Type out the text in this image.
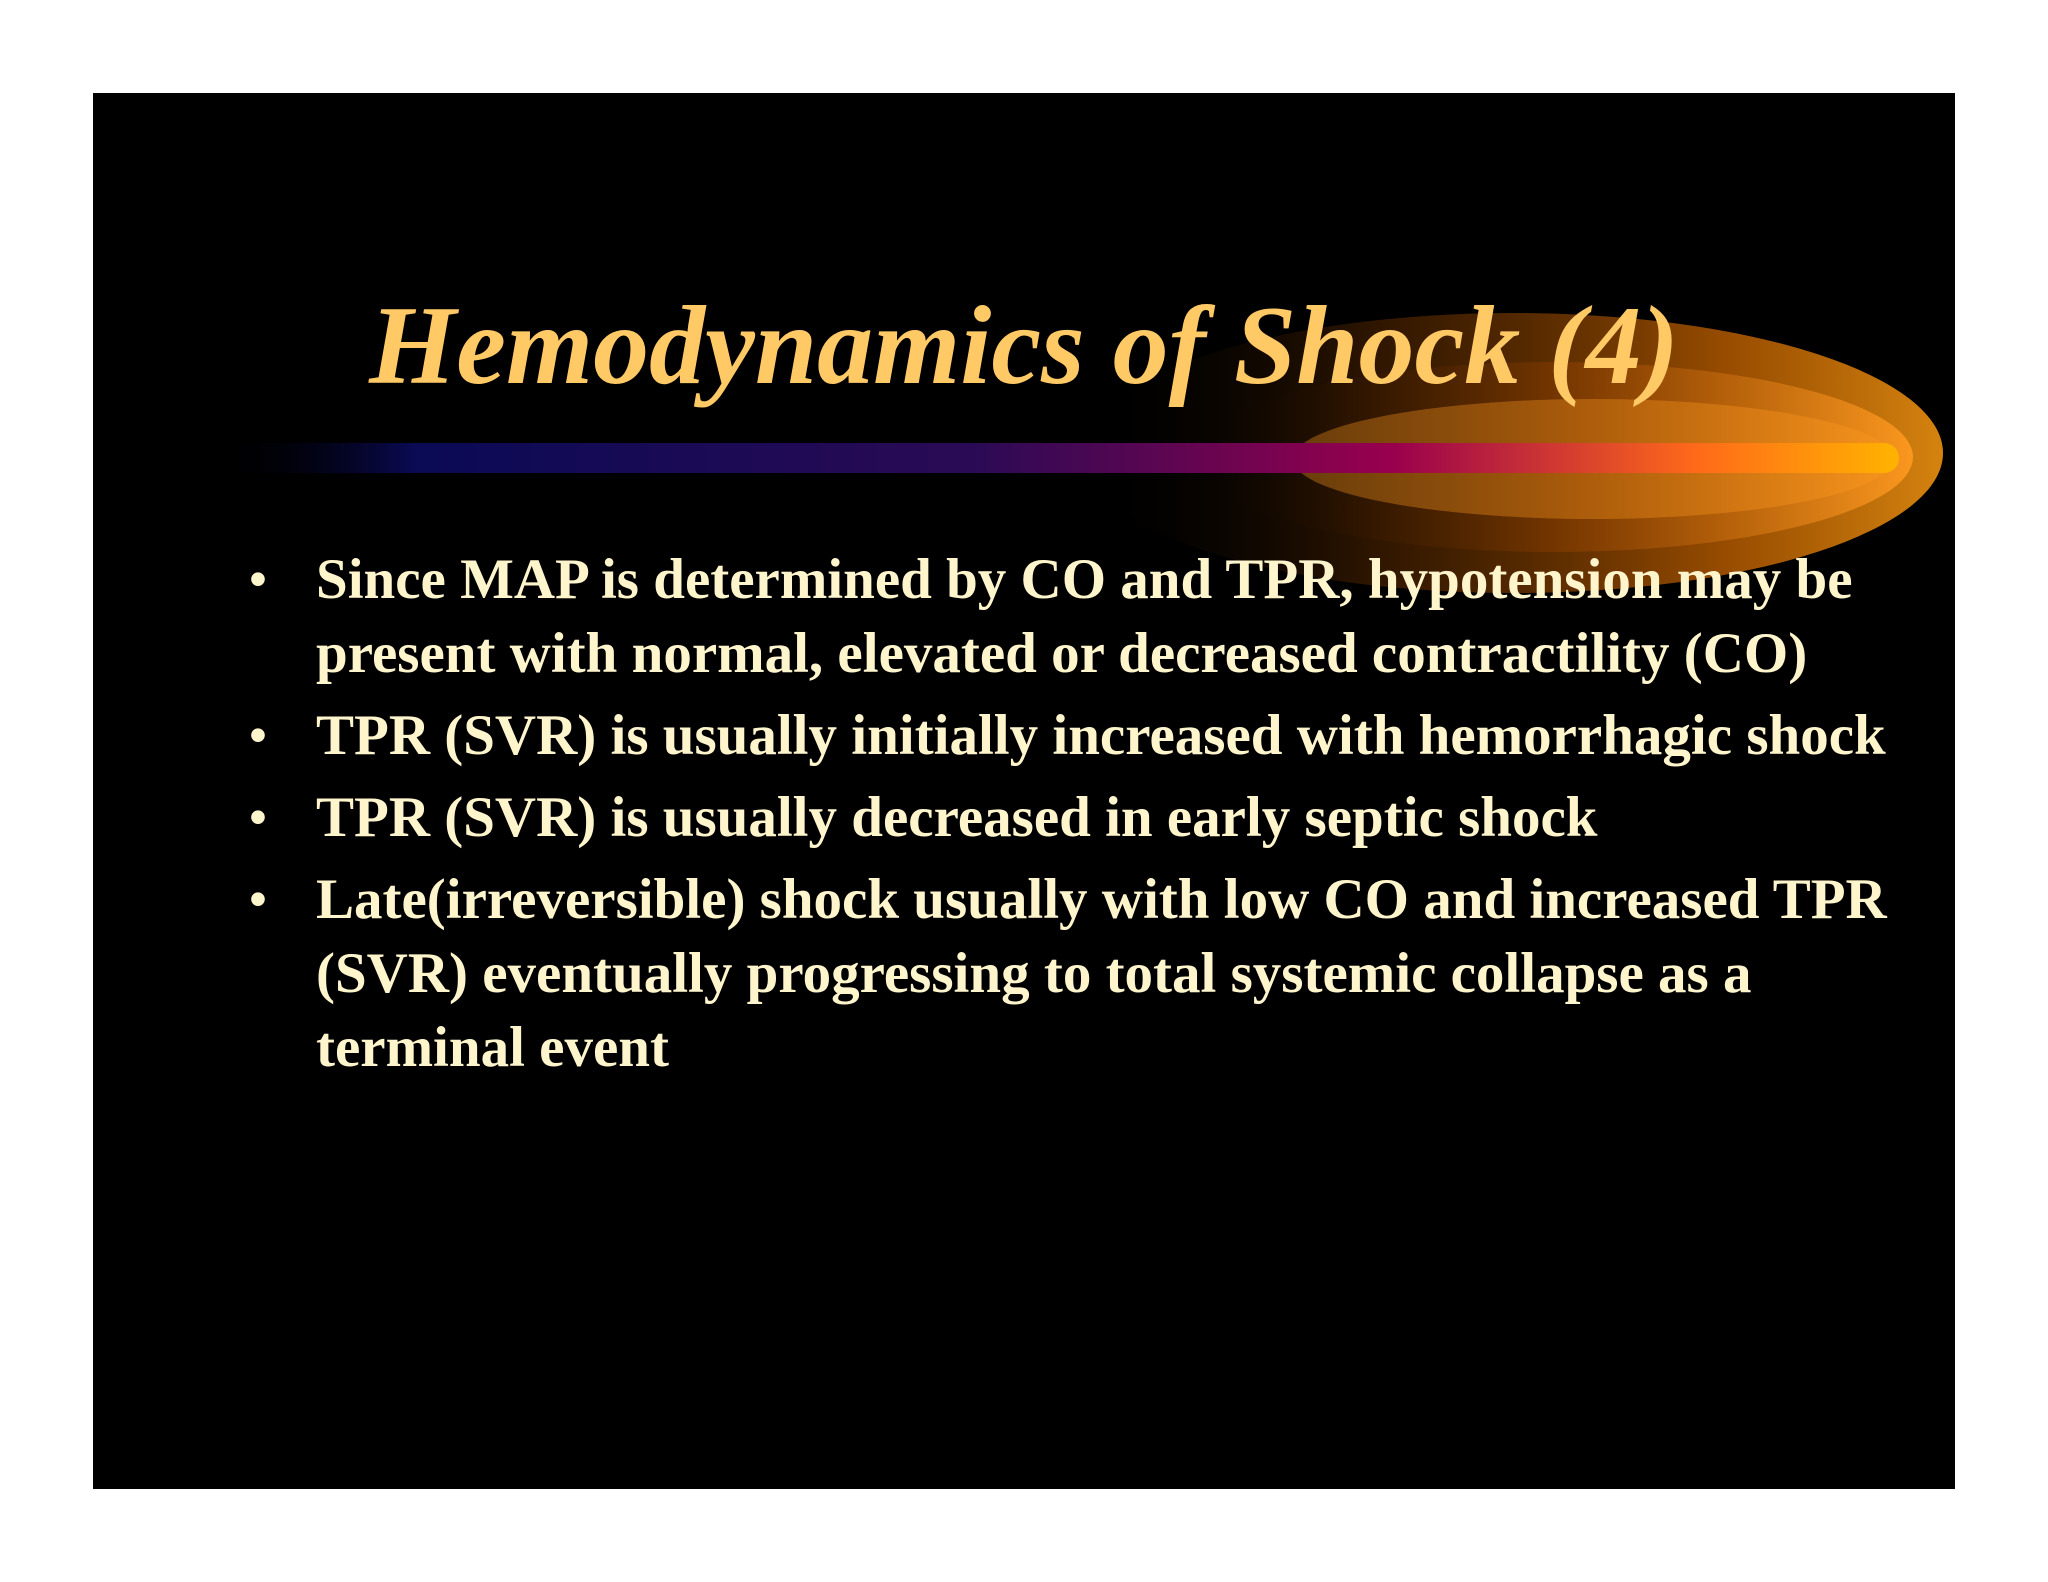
Hemodynamics of Shock (4)
• Since MAP is determined by CO and TPR, hypotension may be present with normal, elevated or decreased contractility (CO)
• TPR (SVR) is usually initially increased with hemorrhagic shock
• TPR (SVR) is usually decreased in early septic shock
• Late(irreversible) shock usually with low CO and increased TPR (SVR) eventually progressing to total systemic collapse as a terminal event
